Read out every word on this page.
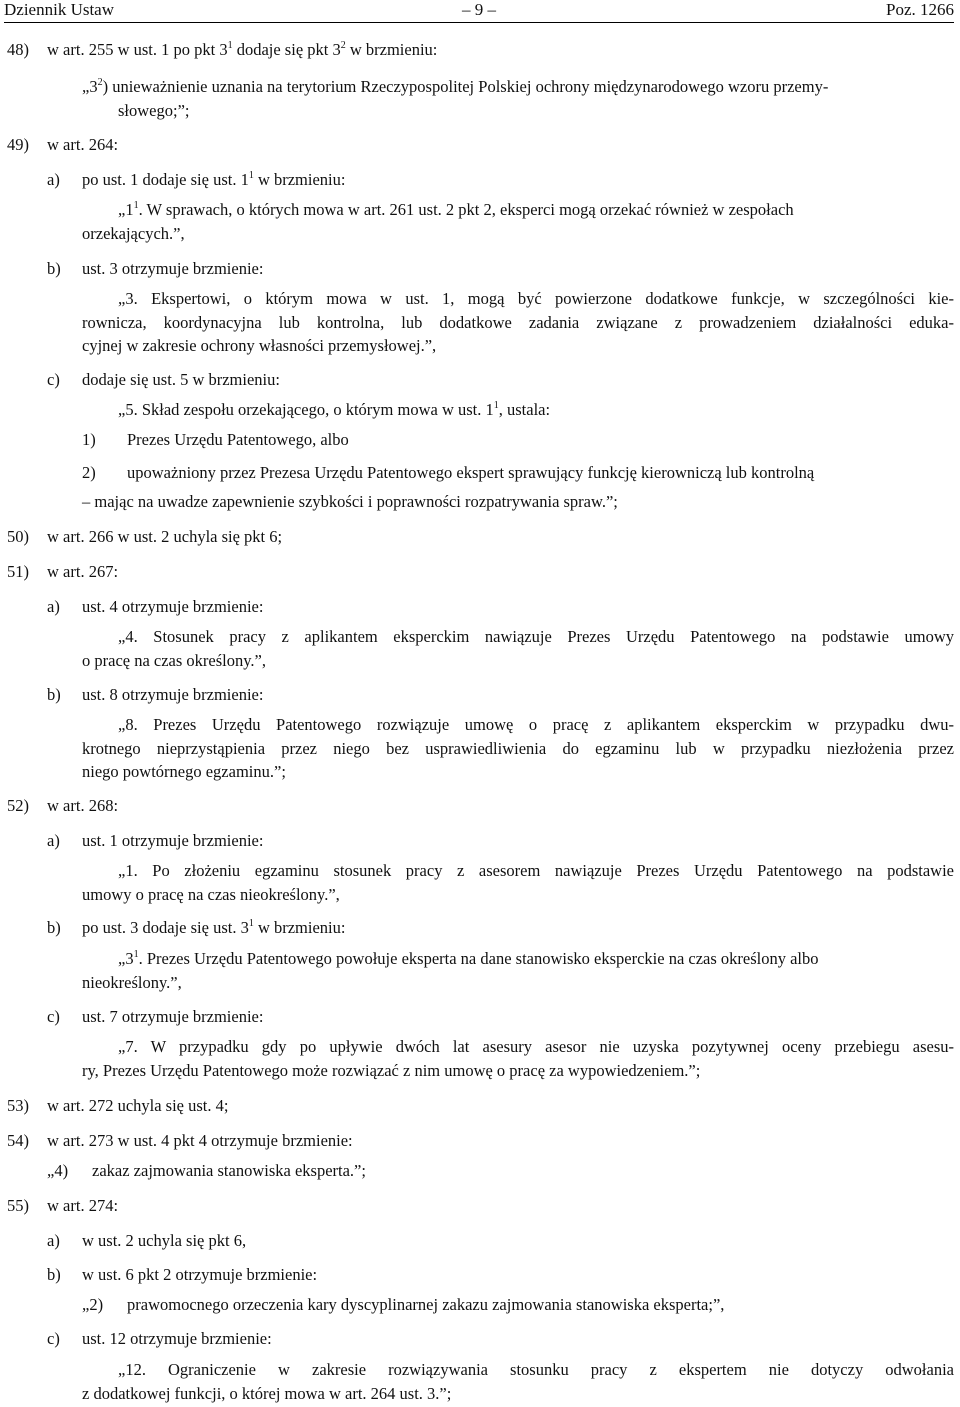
Dziennik Ustaw	– 9 –	Poz. 1266
48) w art. 255 w ust. 1 po pkt $3^1$ dodaje się pkt $3^2$ w brzmieniu:
$„3^2$) unieważnienie uznania na terytorium Rzeczypospolitej Polskiej ochrony międzynarodowego wzoru przemy-
słowego;”;
49) w art. 264:
a) po ust. 1 dodaje się ust. $1^1$ w brzmieniu:
$„1^1$. W sprawach, o których mowa w art. 261 ust. 2 pkt 2, eksperci mogą orzekać również w zespołach
orzekających.”,
b) ust. 3 otrzymuje brzmienie:
„3. Ekspertowi, o którym mowa w ust. 1, mogą być powierzone dodatkowe funkcje, w szczególności kie-
rownicza, koordynacyjna lub kontrolna, lub dodatkowe zadania związane z prowadzeniem działalności eduka-
cyjnej w zakresie ochrony własności przemysłowej.”,
c) dodaje się ust. 5 w brzmieniu:
„5. Skład zespołu orzekającego, o którym mowa w ust. $1^1$, ustala:
1) Prezes Urzędu Patentowego, albo
2) upoważniony przez Prezesa Urzędu Patentowego ekspert sprawujący funkcję kierowniczą lub kontrolną
– mając na uwadze zapewnienie szybkości i poprawności rozpatrywania spraw.”;
50) w art. 266 w ust. 2 uchyla się pkt 6;
51) w art. 267:
a) ust. 4 otrzymuje brzmienie:
„4. Stosunek pracy z aplikantem eksperckim nawiązuje Prezes Urzędu Patentowego na podstawie umowy
o pracę na czas określony.”,
b) ust. 8 otrzymuje brzmienie:
„8. Prezes Urzędu Patentowego rozwiązuje umowę o pracę z aplikantem eksperckim w przypadku dwu-
krotnego nieprzystąpienia przez niego bez usprawiedliwienia do egzaminu lub w przypadku niezłożenia przez
niego powtórnego egzaminu.”;
52) w art. 268:
a) ust. 1 otrzymuje brzmienie:
„1. Po złożeniu egzaminu stosunek pracy z asesorem nawiązuje Prezes Urzędu Patentowego na podstawie
umowy o pracę na czas nieokreślony.”,
b) po ust. 3 dodaje się ust. $3^1$ w brzmieniu:
$„3^1$. Prezes Urzędu Patentowego powołuje eksperta na dane stanowisko eksperckie na czas określony albo
nieokreślony.”,
c) ust. 7 otrzymuje brzmienie:
„7. W przypadku gdy po upływie dwóch lat asesury asesor nie uzyska pozytywnej oceny przebiegu asesu-
ry, Prezes Urzędu Patentowego może rozwiązać z nim umowę o pracę za wypowiedzeniem.”;
53) w art. 272 uchyla się ust. 4;
54) w art. 273 w ust. 4 pkt 4 otrzymuje brzmienie:
„4) zakaz zajmowania stanowiska eksperta.”;
55) w art. 274:
a) w ust. 2 uchyla się pkt 6,
b) w ust. 6 pkt 2 otrzymuje brzmienie:
„2) prawomocnego orzeczenia kary dyscyplinarnej zakazu zajmowania stanowiska eksperta;”,
c) ust. 12 otrzymuje brzmienie:
„12. Ograniczenie w zakresie rozwiązywania stosunku pracy z ekspertem nie dotyczy odwołania
z dodatkowej funkcji, o której mowa w art. 264 ust. 3.”;
